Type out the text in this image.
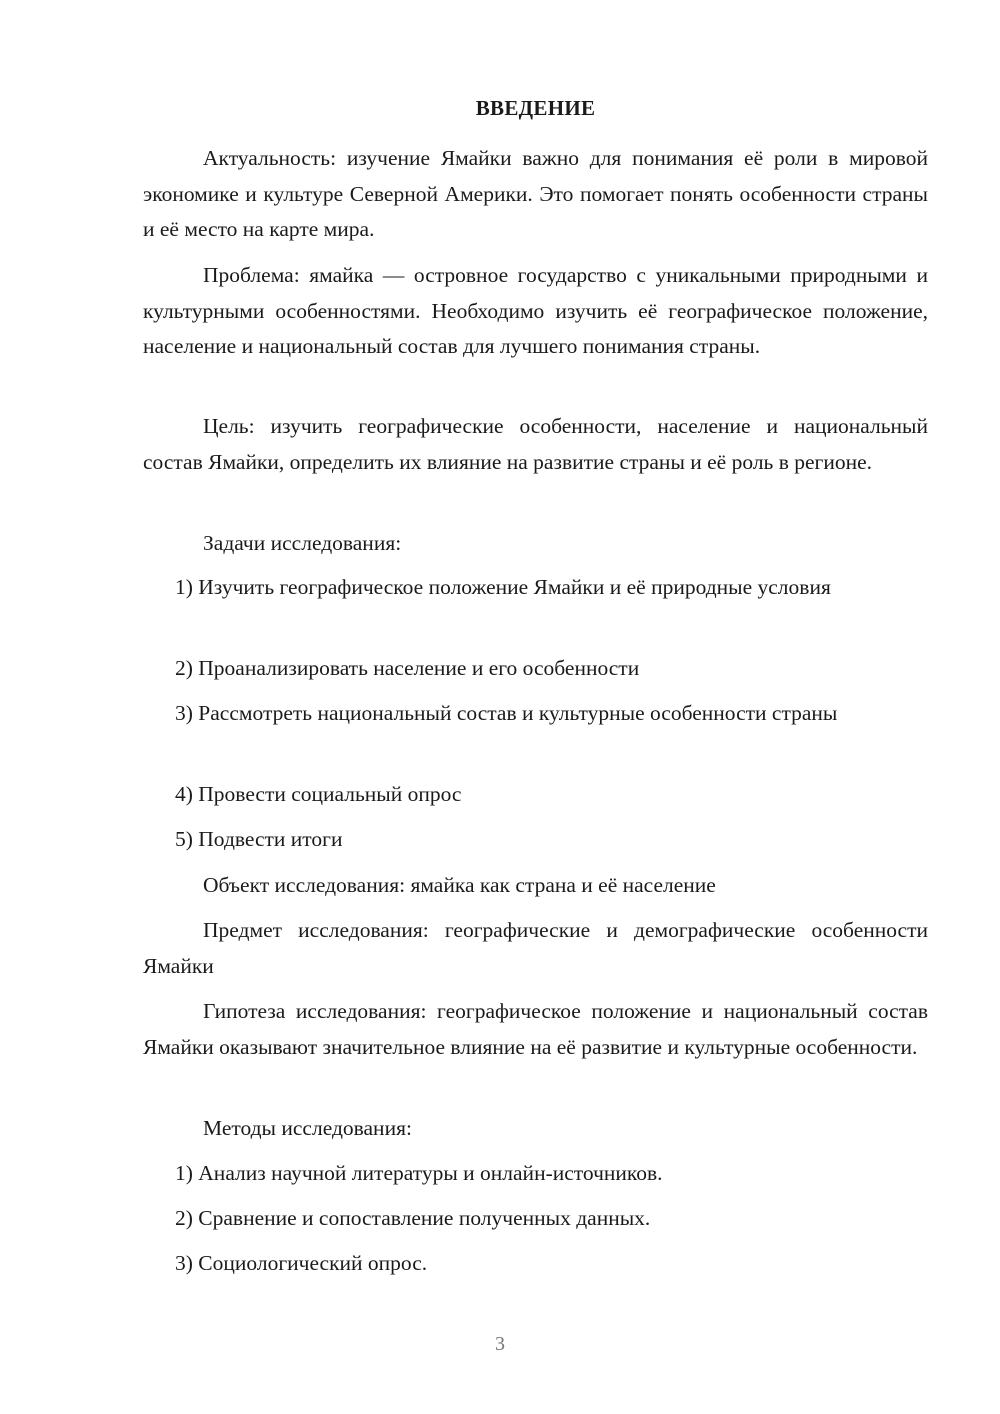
ВВЕДЕНИЕ

Актуальность: изучение Ямайки важно для понимания её роли в мировой экономике и культуре Северной Америки. Это помогает понять особенности страны и её место на карте мира.

Проблема: ямайка — островное государство с уникальными природными и культурными особенностями. Необходимо изучить её географическое положение, население и национальный состав для лучшего понимания страны.

Цель: изучить географические особенности, население и национальный состав Ямайки, определить их влияние на развитие страны и её роль в регионе.

Задачи исследования:

1) Изучить географическое положение Ямайки и её природные условия

2) Проанализировать население и его особенности

3) Рассмотреть национальный состав и культурные особенности страны

4) Провести социальный опрос

5) Подвести итоги

Объект исследования: ямайка как страна и её население

Предмет исследования: географические и демографические особенности Ямайки

Гипотеза исследования: географическое положение и национальный состав Ямайки оказывают значительное влияние на её развитие и культурные особенности.

Методы исследования:

1) Анализ научной литературы и онлайн-источников.

2) Сравнение и сопоставление полученных данных.

3) Социологический опрос.

3
